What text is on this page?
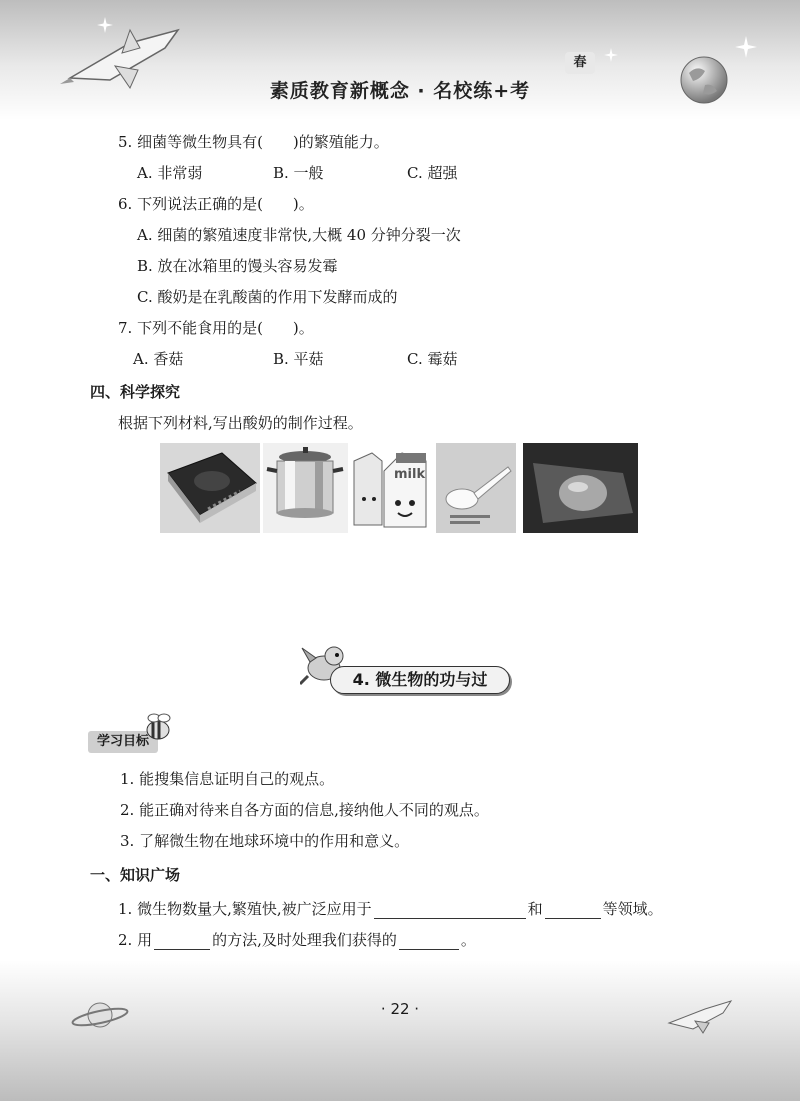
春
素质教育新概念 · 名校练+考
5. 细菌等微生物具有(　　)的繁殖能力。
A. 非常弱	B. 一般	C. 超强
6. 下列说法正确的是(　　)。
A. 细菌的繁殖速度非常快,大概 40 分钟分裂一次
B. 放在冰箱里的馒头容易发霉
C. 酸奶是在乳酸菌的作用下发酵而成的
7. 下列不能食用的是(　　)。
A. 香菇	B. 平菇	C. 霉菇
四、科学探究
根据下列材料,写出酸奶的制作过程。
milk
4. 微生物的功与过
学习目标
1. 能搜集信息证明自己的观点。
2. 能正确对待来自各方面的信息,接纳他人不同的观点。
3. 了解微生物在地球环境中的作用和意义。
一、知识广场
1. 微生物数量大,繁殖快,被广泛应用于	和	等领域。
2. 用	的方法,及时处理我们获得的	。
· 22 ·
